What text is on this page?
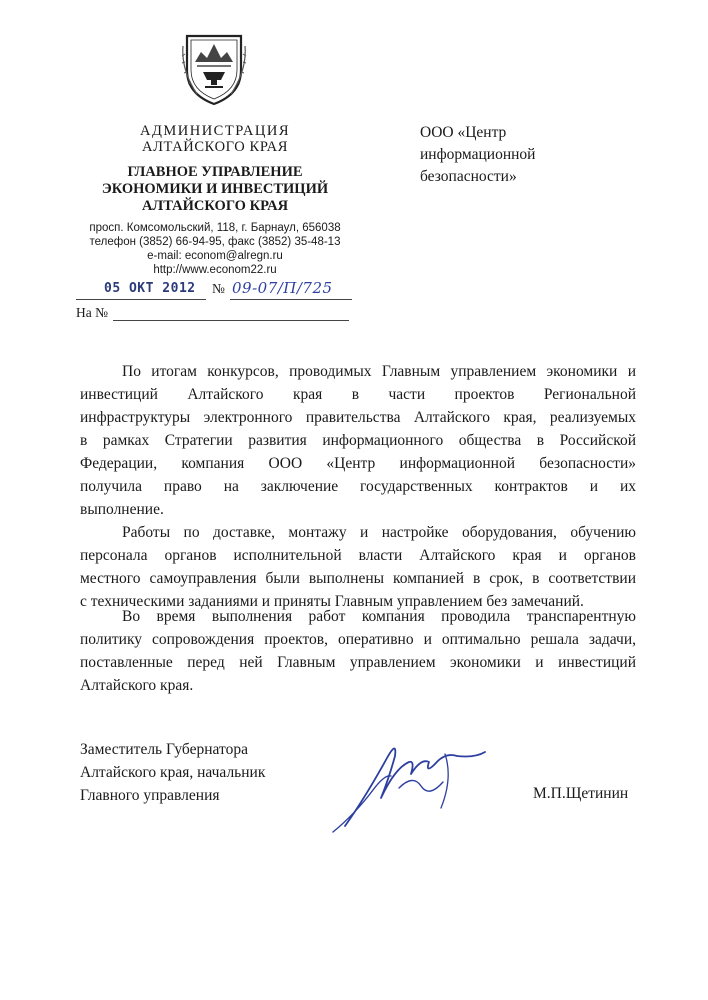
АДМИНИСТРАЦИЯ
АЛТАЙСКОГО КРАЯ
ГЛАВНОЕ УПРАВЛЕНИЕ
ЭКОНОМИКИ И ИНВЕСТИЦИЙ
АЛТАЙСКОГО КРАЯ
просп. Комсомольский, 118, г. Барнаул, 656038
телефон (3852) 66-94-95, факс (3852) 35-48-13
e-mail: econom@alregn.ru
http://www.econom22.ru
05 ОКТ 2012 № 09-07/П/725
На №
ООО «Центр
информационной
безопасности»
По итогам конкурсов, проводимых Главным управлением экономики и
инвестиций Алтайского края в части проектов Региональной
инфраструктуры электронного правительства Алтайского края, реализуемых
в рамках Стратегии развития информационного общества в Российской
Федерации, компания ООО «Центр информационной безопасности»
получила право на заключение государственных контрактов и их
выполнение.
Работы по доставке, монтажу и настройке оборудования, обучению
персонала органов исполнительной власти Алтайского края и органов
местного самоуправления были выполнены компанией в срок, в соответствии
с техническими заданиями и приняты Главным управлением без замечаний.
Во время выполнения работ компания проводила транспарентную
политику сопровождения проектов, оперативно и оптимально решала задачи,
поставленные перед ней Главным управлением экономики и инвестиций
Алтайского края.
Заместитель Губернатора
Алтайского края, начальник
Главного управления	М.П.Щетинин
